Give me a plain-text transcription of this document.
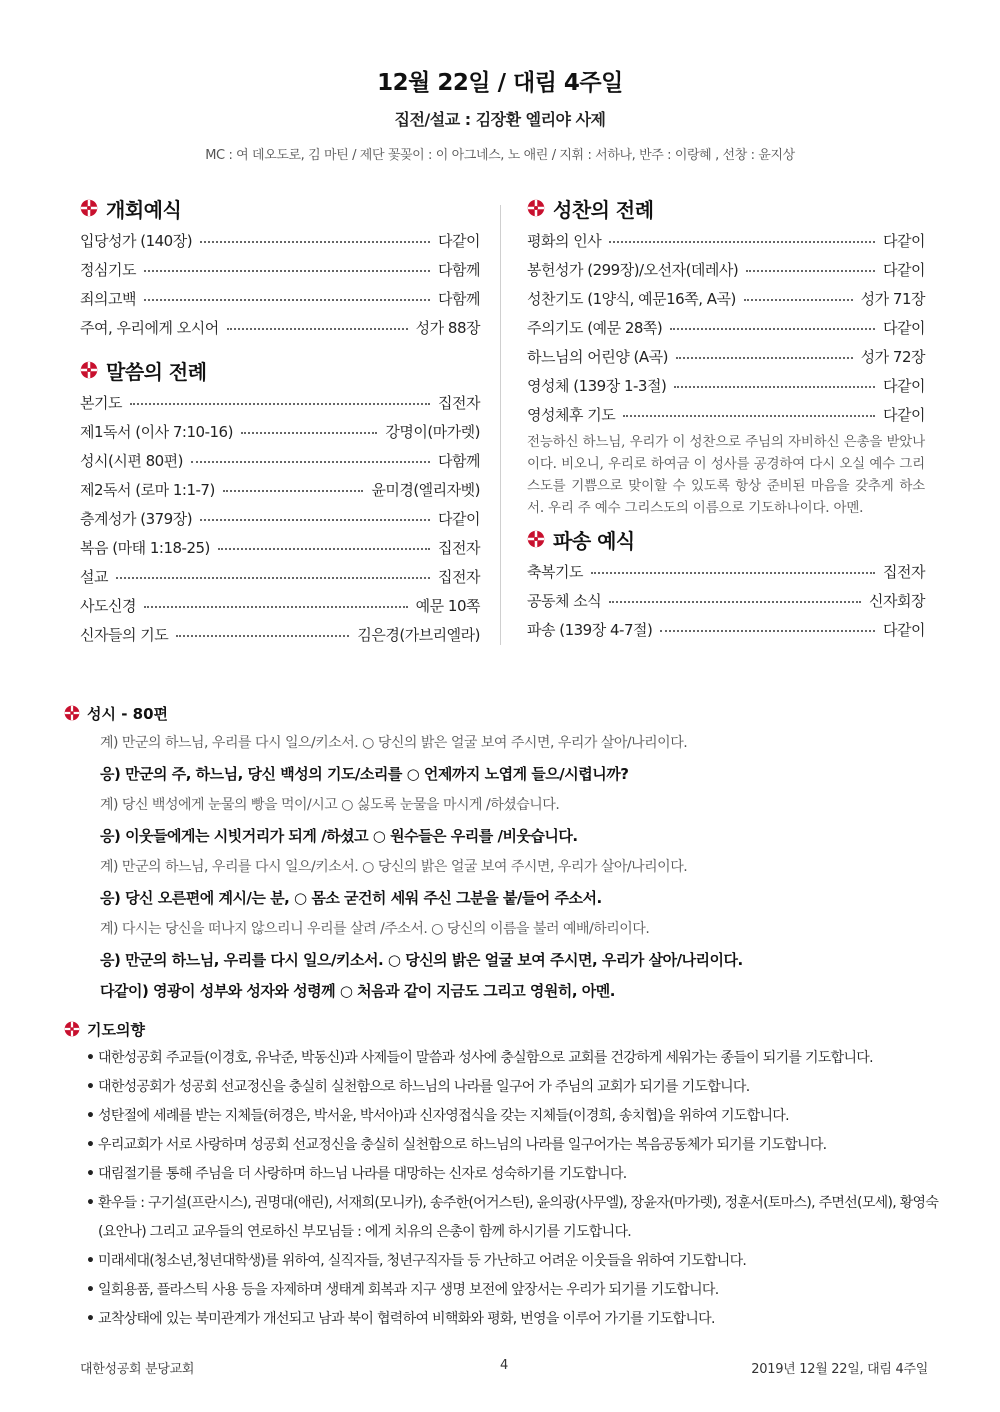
12월 22일 / 대림 4주일
집전/설교 : 김장환 엘리야 사제
MC : 여 데오도로, 김 마틴 / 제단 꽃꽂이 : 이 아그네스, 노 애린 / 지휘 : 서하나, 반주 : 이랑혜 , 선창 : 윤지상
개회예식
입당성가 (140장)	다같이
정심기도	다함께
죄의고백	다함께
주여, 우리에게 오시어	성가 88장
말씀의 전례
본기도	집전자
제1독서 (이사 7:10-16)	강명이(마가렛)
성시(시편 80편)	다함께
제2독서 (로마 1:1-7)	윤미경(엘리자벳)
층계성가 (379장)	다같이
복음 (마태 1:18-25)	집전자
설교	집전자
사도신경	예문 10쪽
신자들의 기도	김은경(가브리엘라)
성찬의 전례
평화의 인사	다같이
봉헌성가 (299장)/오선자(데레사)	다같이
성찬기도 (1양식, 예문16쪽, A곡)	성가 71장
주의기도 (예문 28쪽)	다같이
하느님의 어린양 (A곡)	성가 72장
영성체 (139장 1-3절)	다같이
영성체후 기도	다같이
전능하신 하느님, 우리가 이 성찬으로 주님의 자비하신 은총을 받았나이다. 비오니, 우리로 하여금 이 성사를 공경하여 다시 오실 예수 그리스도를 기쁨으로 맞이할 수 있도록 항상 준비된 마음을 갖추게 하소서. 우리 주 예수 그리스도의 이름으로 기도하나이다. 아멘.
파송 예식
축복기도	집전자
공동체 소식	신자회장
파송 (139장 4-7절)	다같이
성시 - 80편
계) 만군의 하느님, 우리를 다시 일으/키소서. ○ 당신의 밝은 얼굴 보여 주시면, 우리가 살아/나리이다.
응) 만군의 주, 하느님, 당신 백성의 기도/소리를 ○ 언제까지 노엽게 들으/시렵니까?
계) 당신 백성에게 눈물의 빵을 먹이/시고 ○ 싫도록 눈물을 마시게 /하셨습니다.
응) 이웃들에게는 시빗거리가 되게 /하셨고 ○ 원수들은 우리를 /비웃습니다.
계) 만군의 하느님, 우리를 다시 일으/키소서. ○ 당신의 밝은 얼굴 보여 주시면, 우리가 살아/나리이다.
응) 당신 오른편에 계시/는 분, ○ 몸소 굳건히 세워 주신 그분을 붙/들어 주소서.
계) 다시는 당신을 떠나지 않으리니 우리를 살려 /주소서. ○ 당신의 이름을 불러 예배/하리이다.
응) 만군의 하느님, 우리를 다시 일으/키소서. ○ 당신의 밝은 얼굴 보여 주시면, 우리가 살아/나리이다.
다같이) 영광이 성부와 성자와 성령께 ○ 처음과 같이 지금도 그리고 영원히, 아멘.
기도의향
• 대한성공회 주교들(이경호, 유낙준, 박동신)과 사제들이 말씀과 성사에 충실함으로 교회를 건강하게 세워가는 종들이 되기를 기도합니다.
• 대한성공회가 성공회 선교정신을 충실히 실천함으로 하느님의 나라를 일구어 가 주님의 교회가 되기를 기도합니다.
• 성탄절에 세례를 받는 지체들(허경은, 박서윤, 박서아)과 신자영접식을 갖는 지체들(이경희, 송치협)을 위하여 기도합니다.
• 우리교회가 서로 사랑하며 성공회 선교정신을 충실히 실천함으로 하느님의 나라를 일구어가는 복음공동체가 되기를 기도합니다.
• 대림절기를 통해 주님을 더 사랑하며 하느님 나라를 대망하는 신자로 성숙하기를 기도합니다.
• 환우들 : 구기설(프란시스), 권명대(애린), 서재희(모니카), 송주한(어거스틴), 윤의광(사무엘), 장윤자(마가렛), 정훈서(토마스), 주면선(모세), 황영숙(요안나) 그리고 교우들의 연로하신 부모님들 : 에게 치유의 은총이 함께 하시기를 기도합니다.
• 미래세대(청소년,청년대학생)를 위하여, 실직자들, 청년구직자들 등 가난하고 어려운 이웃들을 위하여 기도합니다.
• 일회용품, 플라스틱 사용 등을 자제하며 생태계 회복과 지구 생명 보전에 앞장서는 우리가 되기를 기도합니다.
• 교착상태에 있는 북미관계가 개선되고 남과 북이 협력하여 비핵화와 평화, 번영을 이루어 가기를 기도합니다.
대한성공회 분당교회	4	2019년 12월 22일, 대림 4주일
